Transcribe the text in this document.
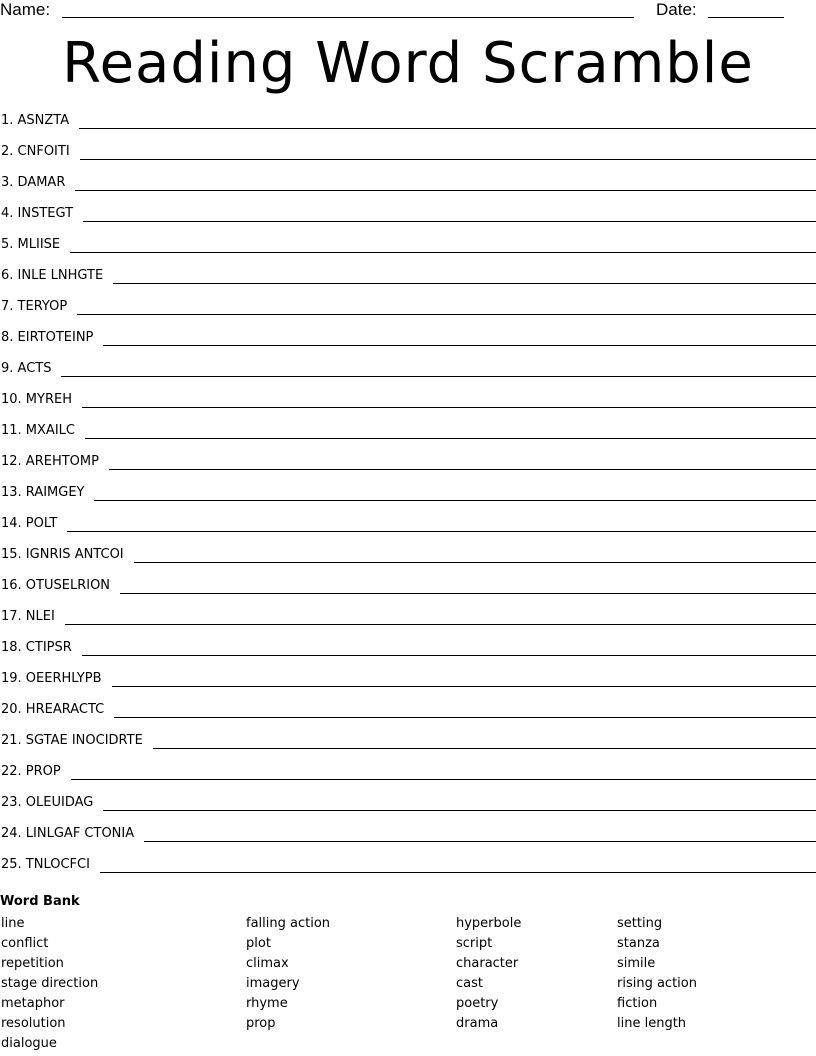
Name:	Date:
Reading Word Scramble
1. ASNZTA
2. CNFOITI
3. DAMAR
4. INSTEGT
5. MLIISE
6. INLE LNHGTE
7. TERYOP
8. EIRTOTEINP
9. ACTS
10. MYREH
11. MXAILC
12. AREHTOMP
13. RAIMGEY
14. POLT
15. IGNRIS ANTCOI
16. OTUSELRION
17. NLEI
18. CTIPSR
19. OEERHLYPB
20. HREARACTC
21. SGTAE INOCIDRTE
22. PROP
23. OLEUIDAG
24. LINLGAF CTONIA
25. TNLOCFCI
Word Bank
line
conflict
repetition
stage direction
metaphor
resolution
dialogue
falling action
plot
climax
imagery
rhyme
prop
hyperbole
script
character
cast
poetry
drama
setting
stanza
simile
rising action
fiction
line length
